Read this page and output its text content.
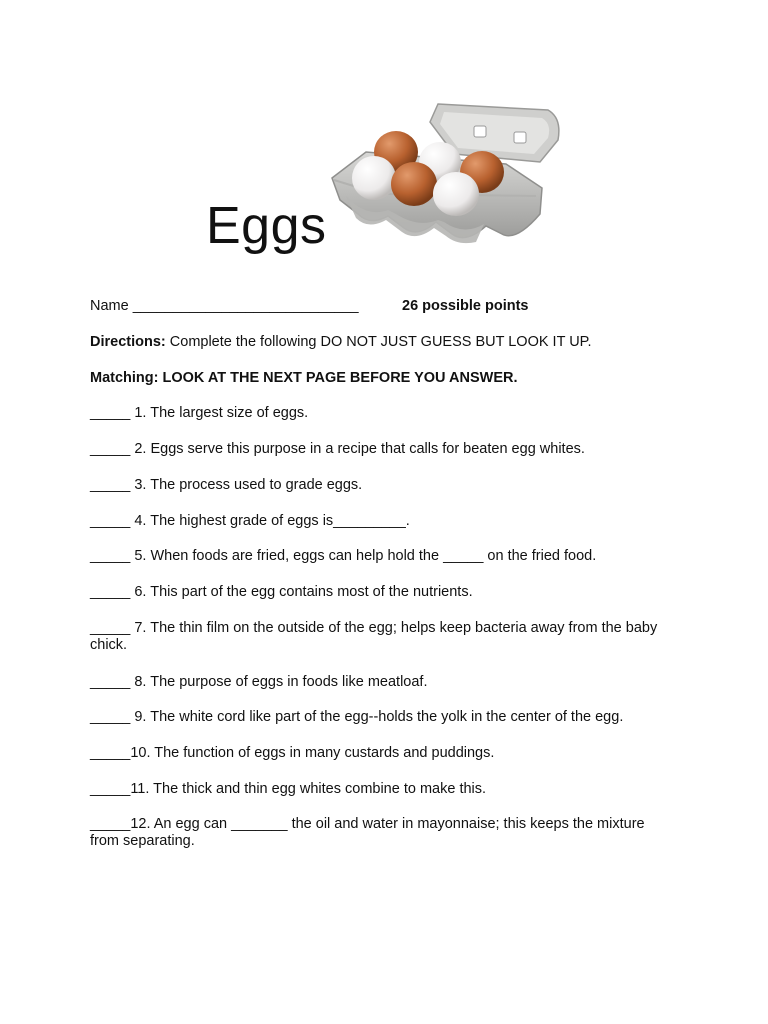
Eggs

Name ____________________________	26 possible points

Directions: Complete the following DO NOT JUST GUESS BUT LOOK IT UP.

Matching: LOOK AT THE NEXT PAGE BEFORE YOU ANSWER.

_____ 1. The largest size of eggs.

_____ 2. Eggs serve this purpose in a recipe that calls for beaten egg whites.

_____ 3. The process used to grade eggs.

_____ 4. The highest grade of eggs is_________.

_____ 5. When foods are fried, eggs can help hold the _____ on the fried food.

_____ 6. This part of the egg contains most of the nutrients.

_____ 7. The thin film on the outside of the egg; helps keep bacteria away from the baby chick.

_____ 8. The purpose of eggs in foods like meatloaf.

_____ 9. The white cord like part of the egg--holds the yolk in the center of the egg.

_____10. The function of eggs in many custards and puddings.

_____11. The thick and thin egg whites combine to make this.

_____12. An egg can _______ the oil and water in mayonnaise; this keeps the mixture from separating.
